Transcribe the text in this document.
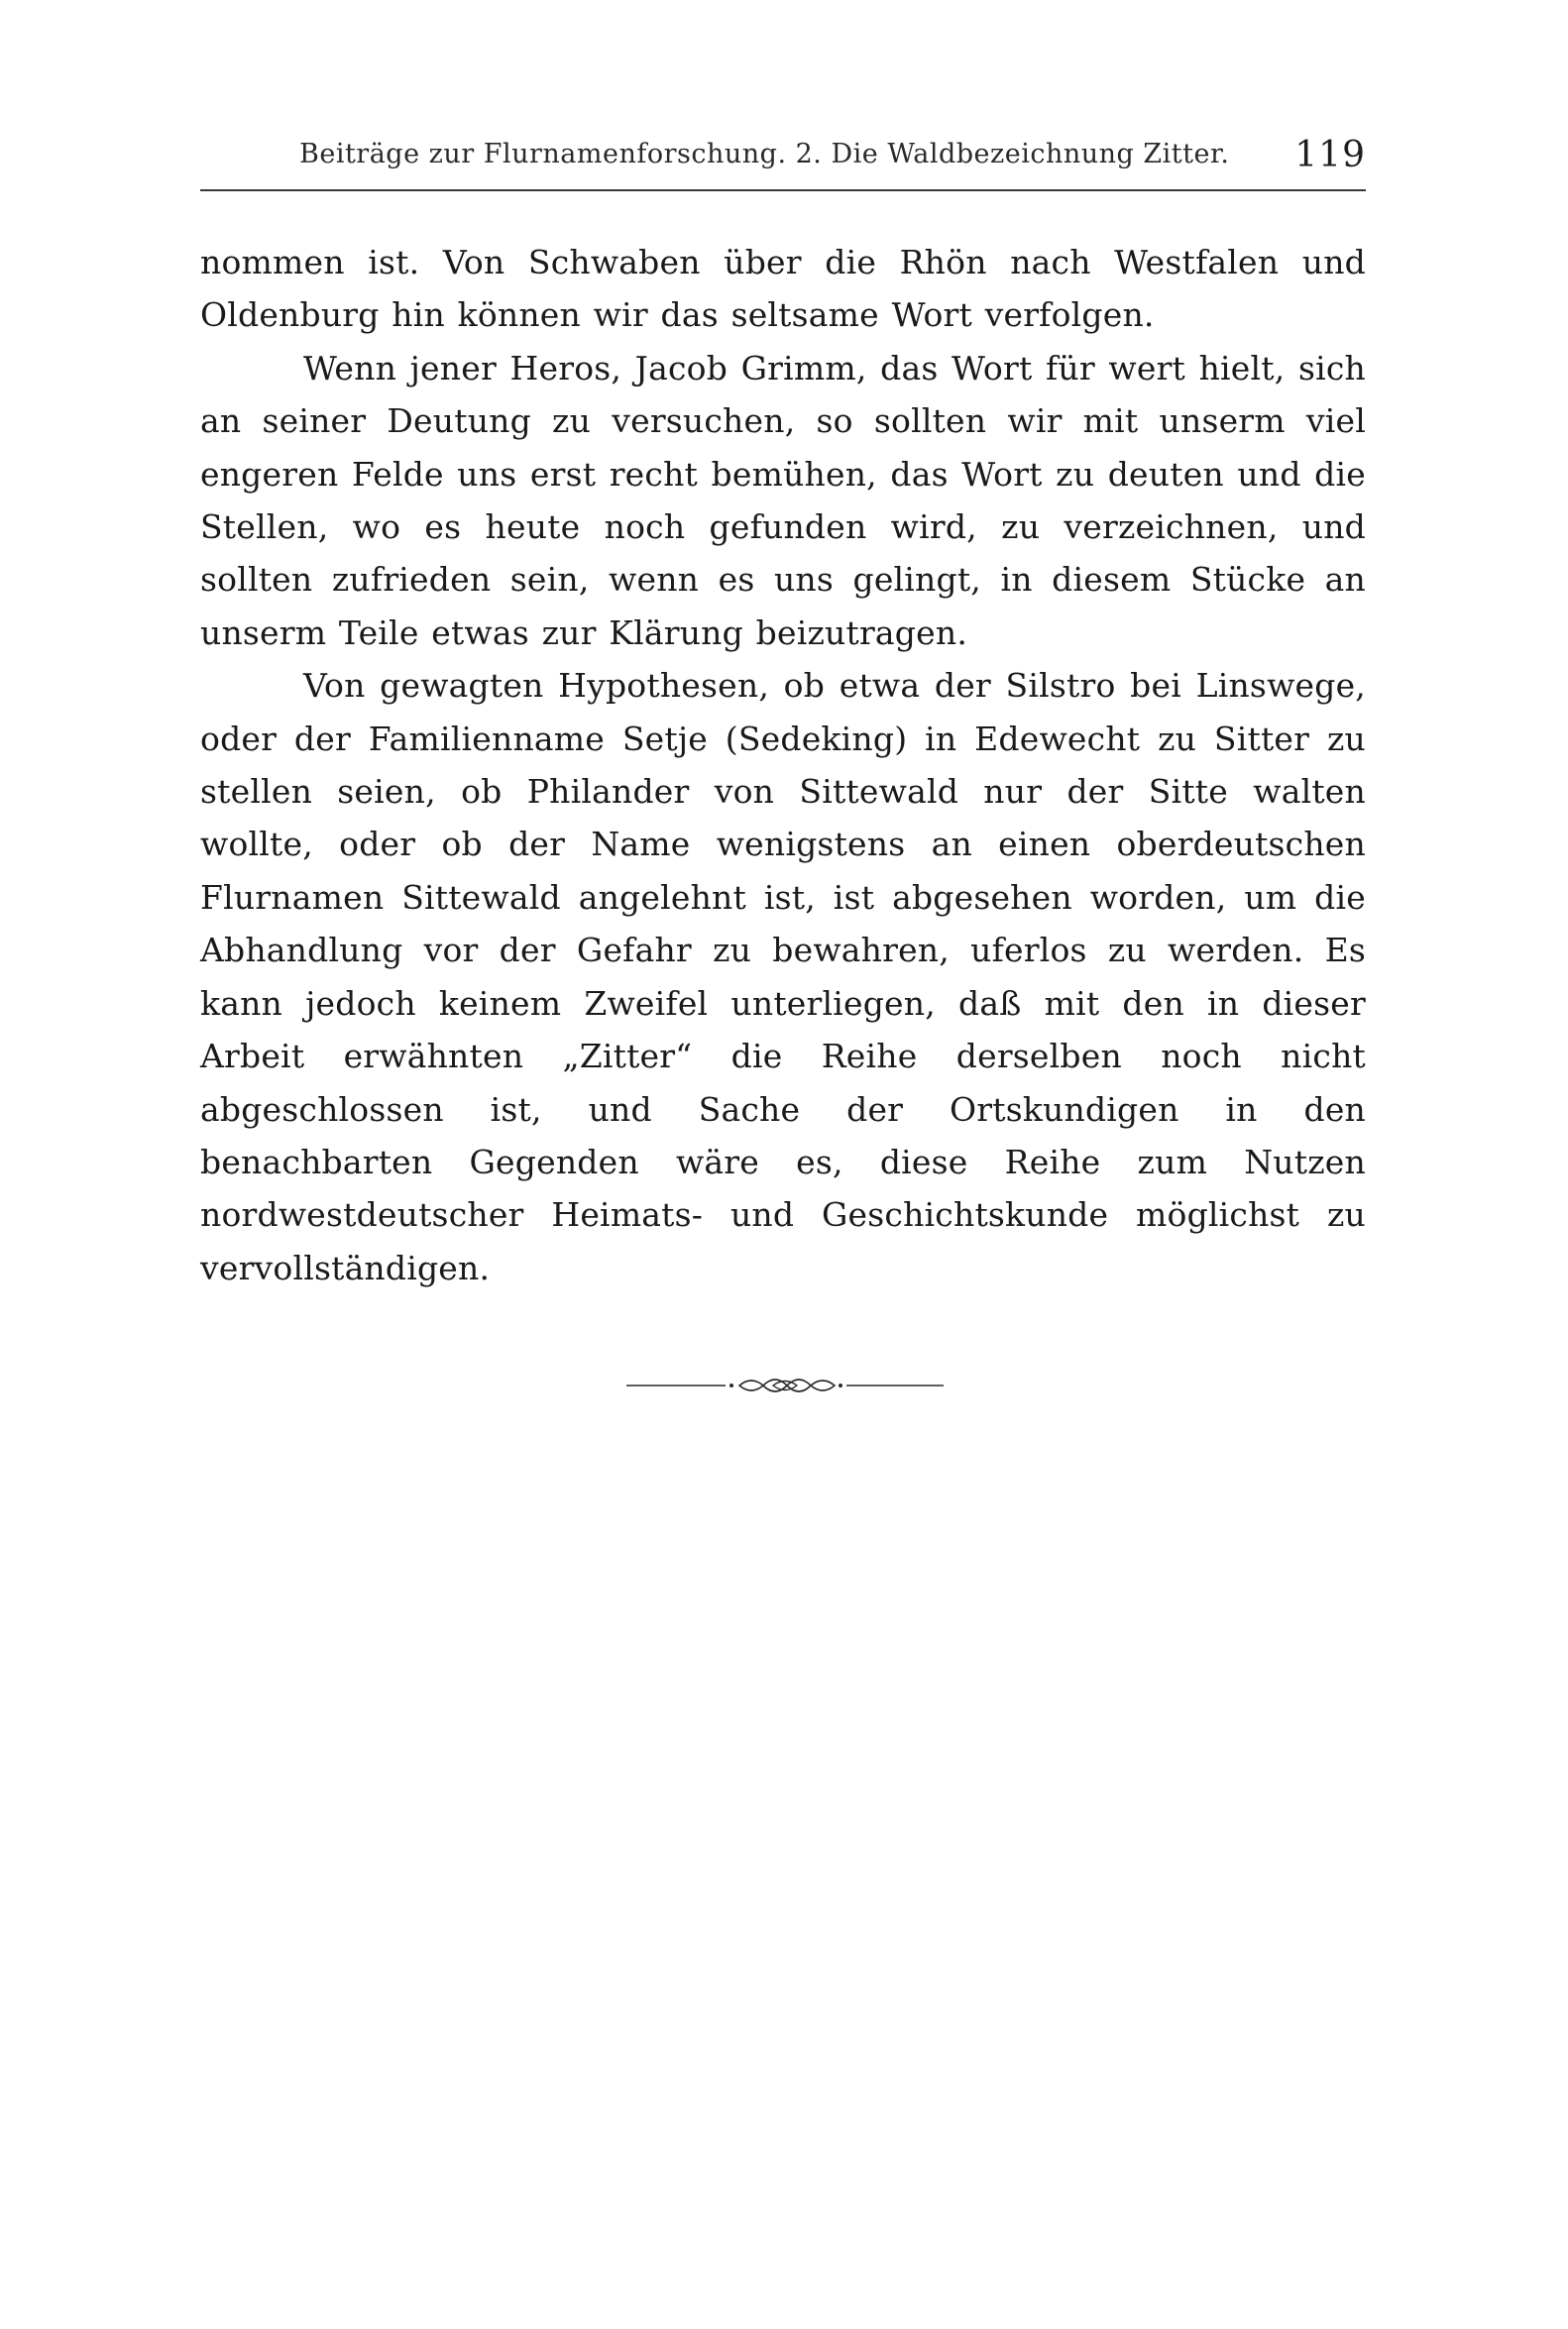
Beiträge zur Flurnamenforschung. 2. Die Waldbezeichnung Zitter. 119

nommen ist. Von Schwaben über die Rhön nach Westfalen und Oldenburg hin können wir das seltsame Wort verfolgen.

Wenn jener Heros, Jacob Grimm, das Wort für wert hielt, sich an seiner Deutung zu versuchen, so sollten wir mit unserm viel engeren Felde uns erst recht bemühen, das Wort zu deuten und die Stellen, wo es heute noch gefunden wird, zu verzeichnen, und sollten zufrieden sein, wenn es uns gelingt, in diesem Stücke an unserm Teile etwas zur Klärung beizutragen.

Von gewagten Hypothesen, ob etwa der Silstro bei Linswege, oder der Familienname Setje (Sedeking) in Edewecht zu Sitter zu stellen seien, ob Philander von Sittewald nur der Sitte walten wollte, oder ob der Name wenigstens an einen oberdeutschen Flurnamen Sittewald angelehnt ist, ist abgesehen worden, um die Abhandlung vor der Gefahr zu bewahren, uferlos zu werden. Es kann jedoch keinem Zweifel unterliegen, daß mit den in dieser Arbeit erwähnten „Zitter“ die Reihe derselben noch nicht abgeschlossen ist, und Sache der Ortskundigen in den benachbarten Gegenden wäre es, diese Reihe zum Nutzen nordwestdeutscher Heimats- und Geschichtskunde möglichst zu vervollständigen.
